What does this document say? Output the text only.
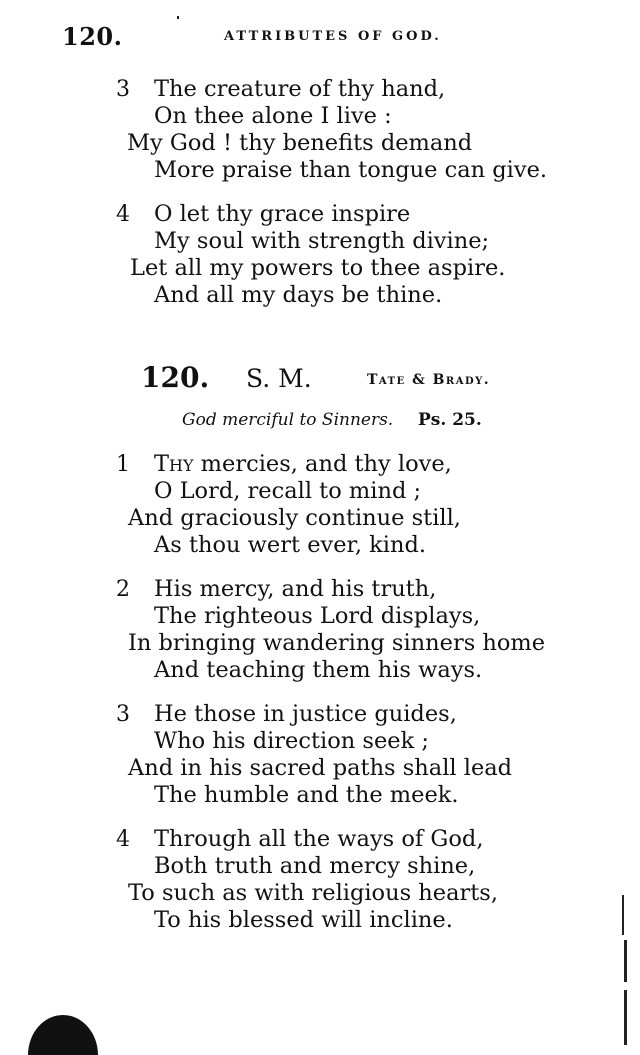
120.	ATTRIBUTES OF GOD.
3 The creature of thy hand,
On thee alone I live :
My God ! thy benefits demand
More praise than tongue can give.
4 O let thy grace inspire
My soul with strength divine;
Let all my powers to thee aspire.
And all my days be thine.
120. S. M.	Tate & Brady.
God merciful to Sinners. Ps. 25.
1 Thy mercies, and thy love,
O Lord, recall to mind ;
And graciously continue still,
As thou wert ever, kind.
2 His mercy, and his truth,
The righteous Lord displays,
In bringing wandering sinners home
And teaching them his ways.
3 He those in justice guides,
Who his direction seek ;
And in his sacred paths shall lead
The humble and the meek.
4 Through all the ways of God,
Both truth and mercy shine,
To such as with religious hearts,
To his blessed will incline.
